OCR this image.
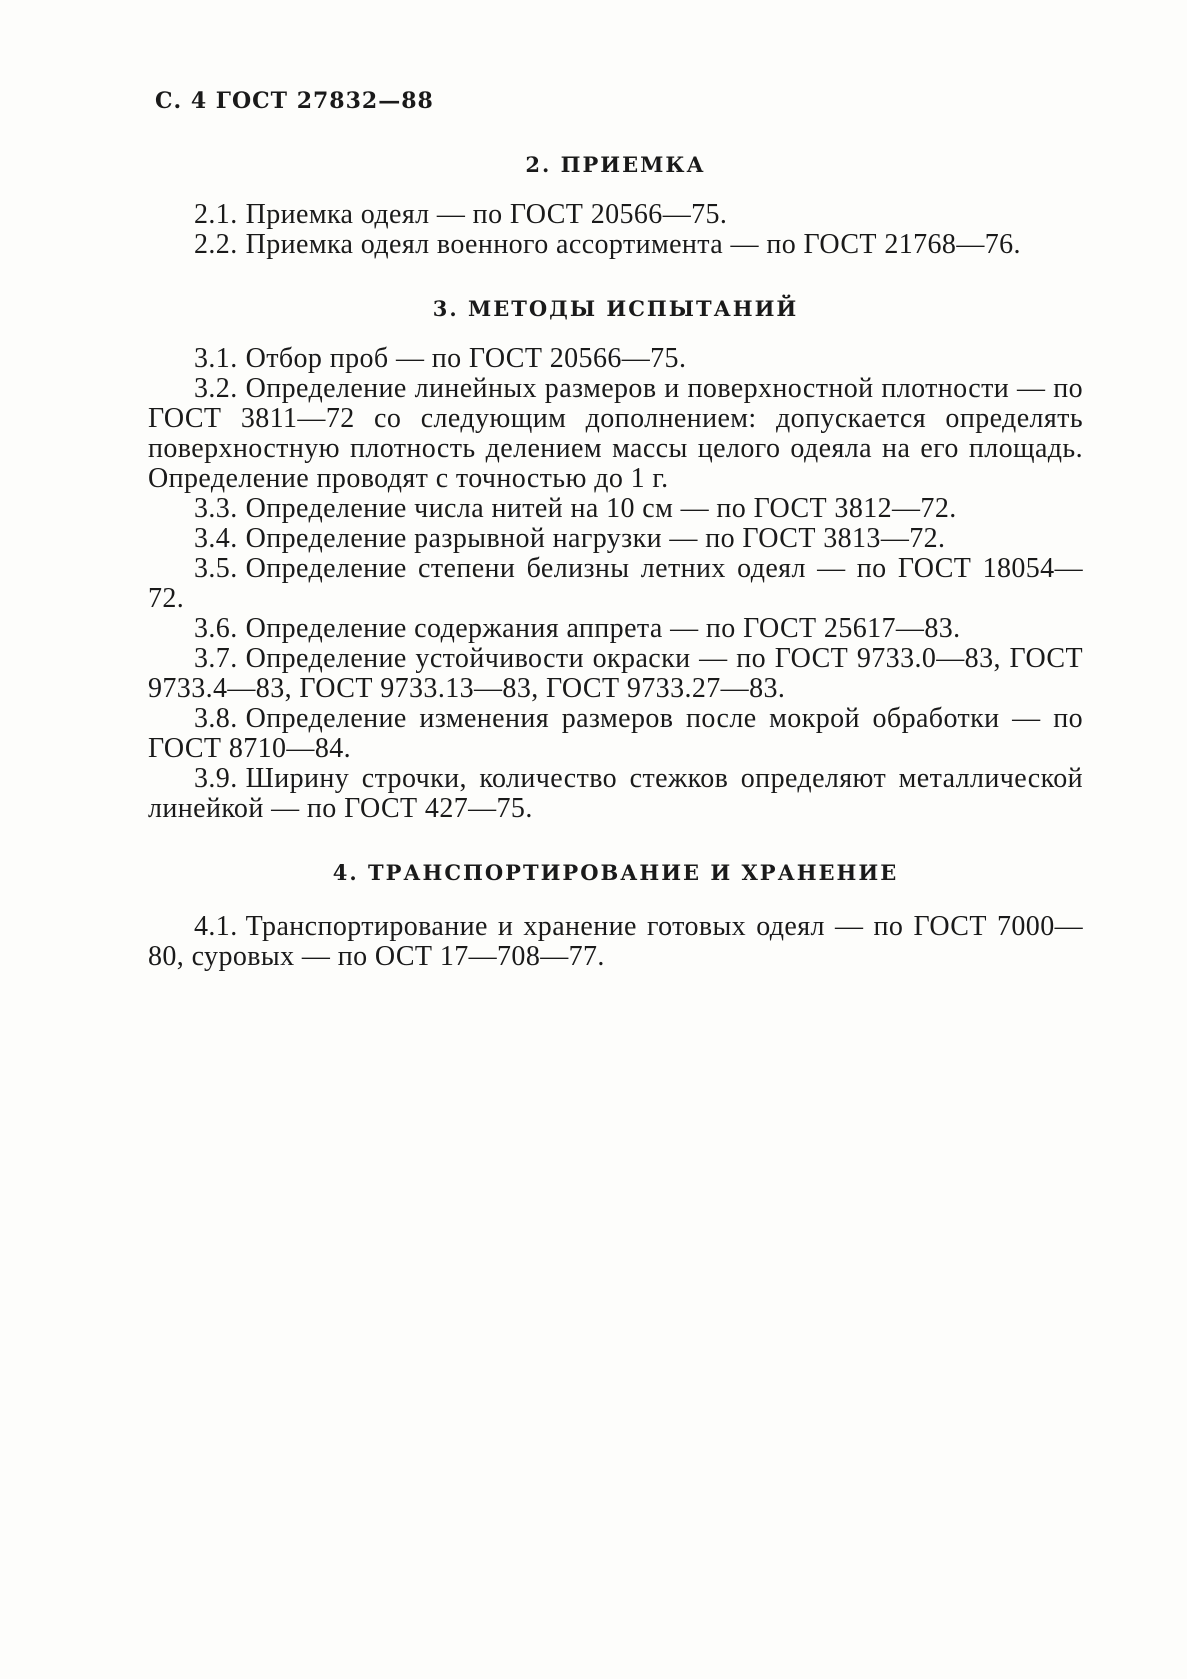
С. 4 ГОСТ 27832—88
2. ПРИЕМКА

2.1. Приемка одеял — по ГОСТ 20566—75.

2.2. Приемка одеял военного ассортимента — по ГОСТ 21768—76.

3. МЕТОДЫ ИСПЫТАНИЙ

3.1. Отбор проб — по ГОСТ 20566—75.

3.2. Определение линейных размеров и поверхностной плотности — по ГОСТ 3811—72 со следующим дополнением: допускается определять поверхностную плотность делением массы целого одеяла на его площадь. Определение проводят с точностью до 1 г.

3.3. Определение числа нитей на 10 см — по ГОСТ 3812—72.

3.4. Определение разрывной нагрузки — по ГОСТ 3813—72.

3.5. Определение степени белизны летних одеял — по ГОСТ 18054—72.

3.6. Определение содержания аппрета — по ГОСТ 25617—83.

3.7. Определение устойчивости окраски — по ГОСТ 9733.0—83, ГОСТ 9733.4—83, ГОСТ 9733.13—83, ГОСТ 9733.27—83.

3.8. Определение изменения размеров после мокрой обработки — по ГОСТ 8710—84.

3.9. Ширину строчки, количество стежков определяют металлической линейкой — по ГОСТ 427—75.

4. ТРАНСПОРТИРОВАНИЕ И ХРАНЕНИЕ

4.1. Транспортирование и хранение готовых одеял — по ГОСТ 7000—80, суровых — по ОСТ 17—708—77.
